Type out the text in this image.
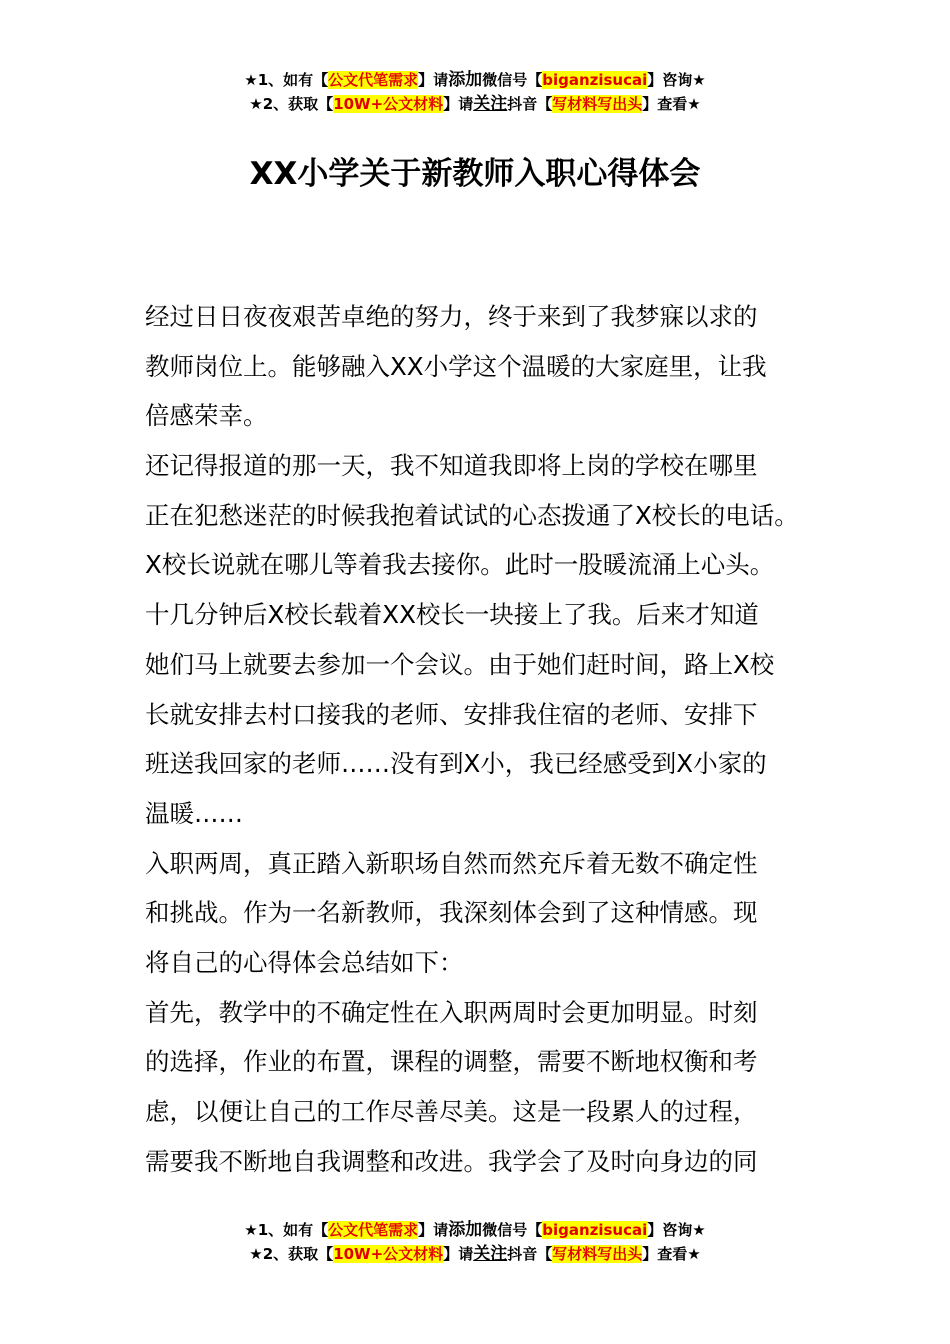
★1、如有【公文代笔需求】请添加微信号【biganzisucai】咨询★
★2、获取【10W+公文材料】请关注抖音【写材料写出头】查看★
XX小学关于新教师入职心得体会
经过日日夜夜艰苦卓绝的努力，终于来到了我梦寐以求的
教师岗位上。能够融入XX小学这个温暖的大家庭里，让我
倍感荣幸。
还记得报道的那一天，我不知道我即将上岗的学校在哪里
正在犯愁迷茫的时候我抱着试试的心态拨通了X校长的电话。
X校长说就在哪儿等着我去接你。此时一股暖流涌上心头。
十几分钟后X校长载着XX校长一块接上了我。后来才知道
她们马上就要去参加一个会议。由于她们赶时间，路上X校
长就安排去村口接我的老师、安排我住宿的老师、安排下
班送我回家的老师……没有到X小，我已经感受到X小家的
温暖……
入职两周，真正踏入新职场自然而然充斥着无数不确定性
和挑战。作为一名新教师，我深刻体会到了这种情感。现
将自己的心得体会总结如下：
首先，教学中的不确定性在入职两周时会更加明显。时刻
的选择，作业的布置，课程的调整，需要不断地权衡和考
虑，以便让自己的工作尽善尽美。这是一段累人的过程，
需要我不断地自我调整和改进。我学会了及时向身边的同
★1、如有【公文代笔需求】请添加微信号【biganzisucai】咨询★
★2、获取【10W+公文材料】请关注抖音【写材料写出头】查看★
